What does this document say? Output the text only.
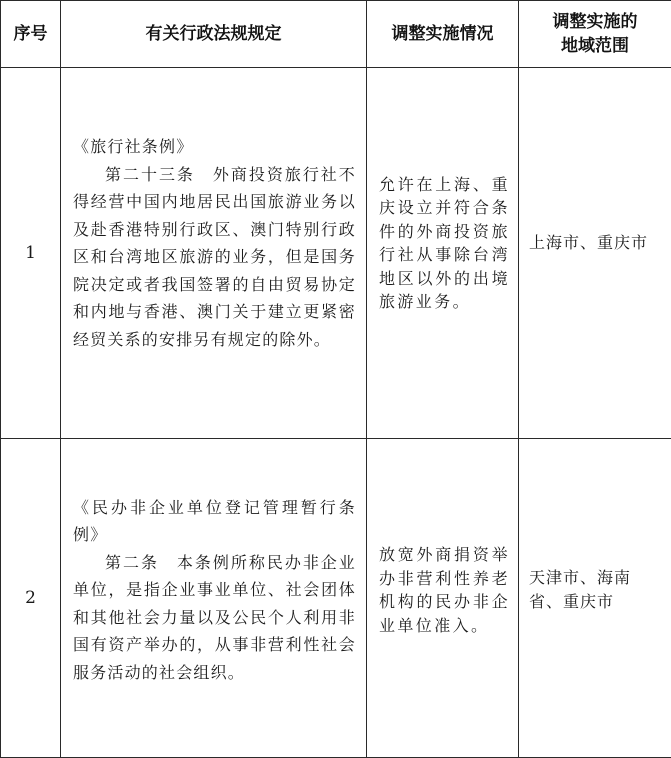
序号	有关行政法规规定	调整实施情况	调整实施的地域范围

1	《旅行社条例》
第二十三条　外商投资旅行社不得经营中国内地居民出国旅游业务以及赴香港特别行政区、澳门特别行政区和台湾地区旅游的业务，但是国务院决定或者我国签署的自由贸易协定和内地与香港、澳门关于建立更紧密经贸关系的安排另有规定的除外。	允许在上海、重庆设立并符合条件的外商投资旅行社从事除台湾地区以外的出境旅游业务。	上海市、重庆市

2	《民办非企业单位登记管理暂行条例》
第二条　本条例所称民办非企业单位，是指企业事业单位、社会团体和其他社会力量以及公民个人利用非国有资产举办的，从事非营利性社会服务活动的社会组织。	放宽外商捐资举办非营利性养老机构的民办非企业单位准入。	天津市、海南省、重庆市
